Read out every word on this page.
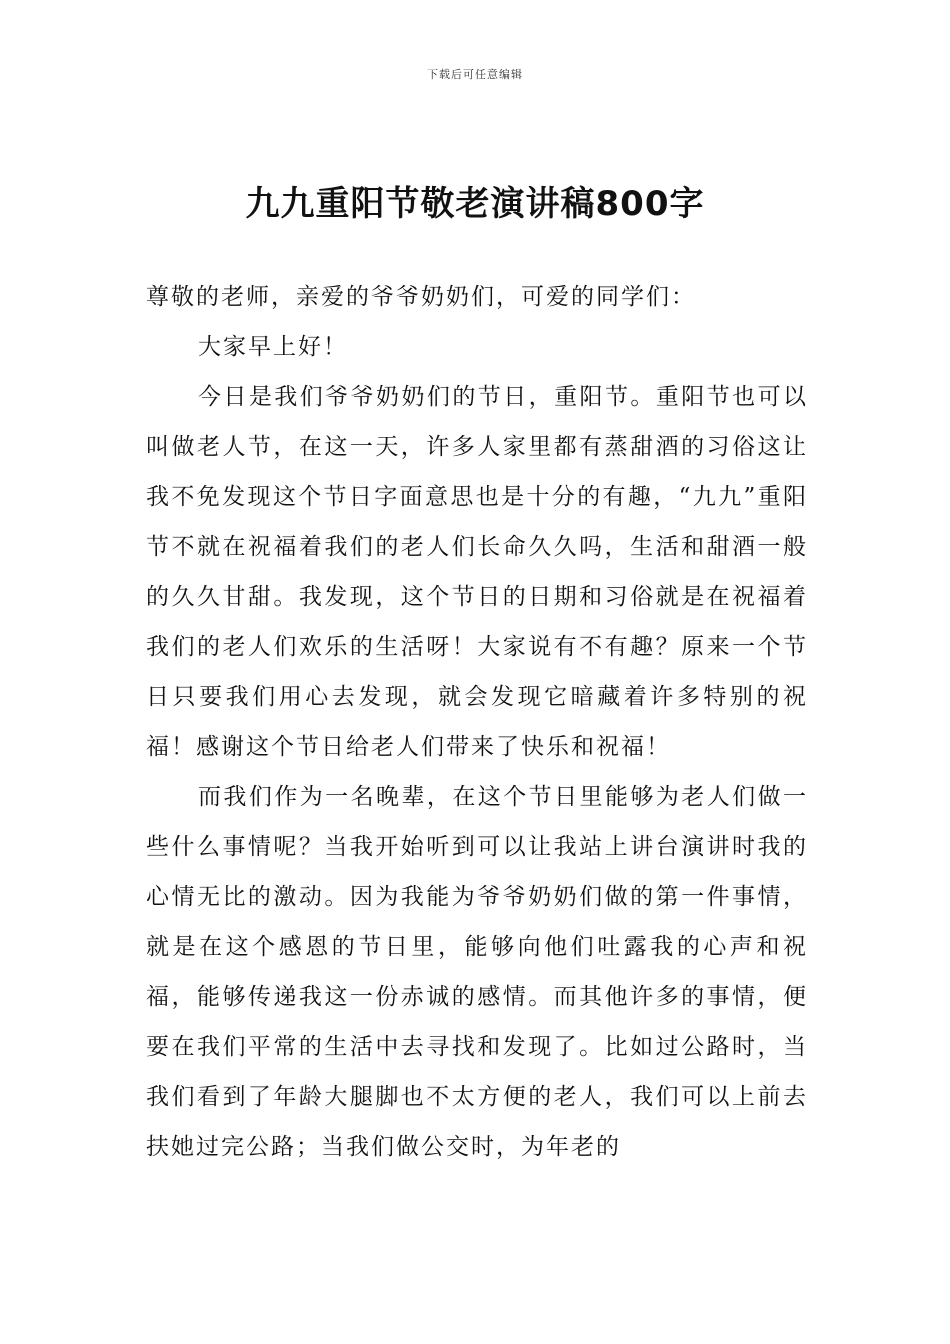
下载后可任意编辑
九九重阳节敬老演讲稿800字

尊敬的老师，亲爱的爷爷奶奶们，可爱的同学们：

大家早上好！

今日是我们爷爷奶奶们的节日，重阳节。重阳节也可以叫做老人节，在这一天，许多人家里都有蒸甜酒的习俗这让我不免发现这个节日字面意思也是十分的有趣，“九九”重阳节不就在祝福着我们的老人们长命久久吗，生活和甜酒一般的久久甘甜。我发现，这个节日的日期和习俗就是在祝福着我们的老人们欢乐的生活呀！大家说有不有趣？原来一个节日只要我们用心去发现，就会发现它暗藏着许多特别的祝福！感谢这个节日给老人们带来了快乐和祝福！

而我们作为一名晚辈，在这个节日里能够为老人们做一些什么事情呢？当我开始听到可以让我站上讲台演讲时我的心情无比的激动。因为我能为爷爷奶奶们做的第一件事情，就是在这个感恩的节日里，能够向他们吐露我的心声和祝福，能够传递我这一份赤诚的感情。而其他许多的事情，便要在我们平常的生活中去寻找和发现了。比如过公路时，当我们看到了年龄大腿脚也不太方便的老人，我们可以上前去扶她过完公路；当我们做公交时，为年老的
